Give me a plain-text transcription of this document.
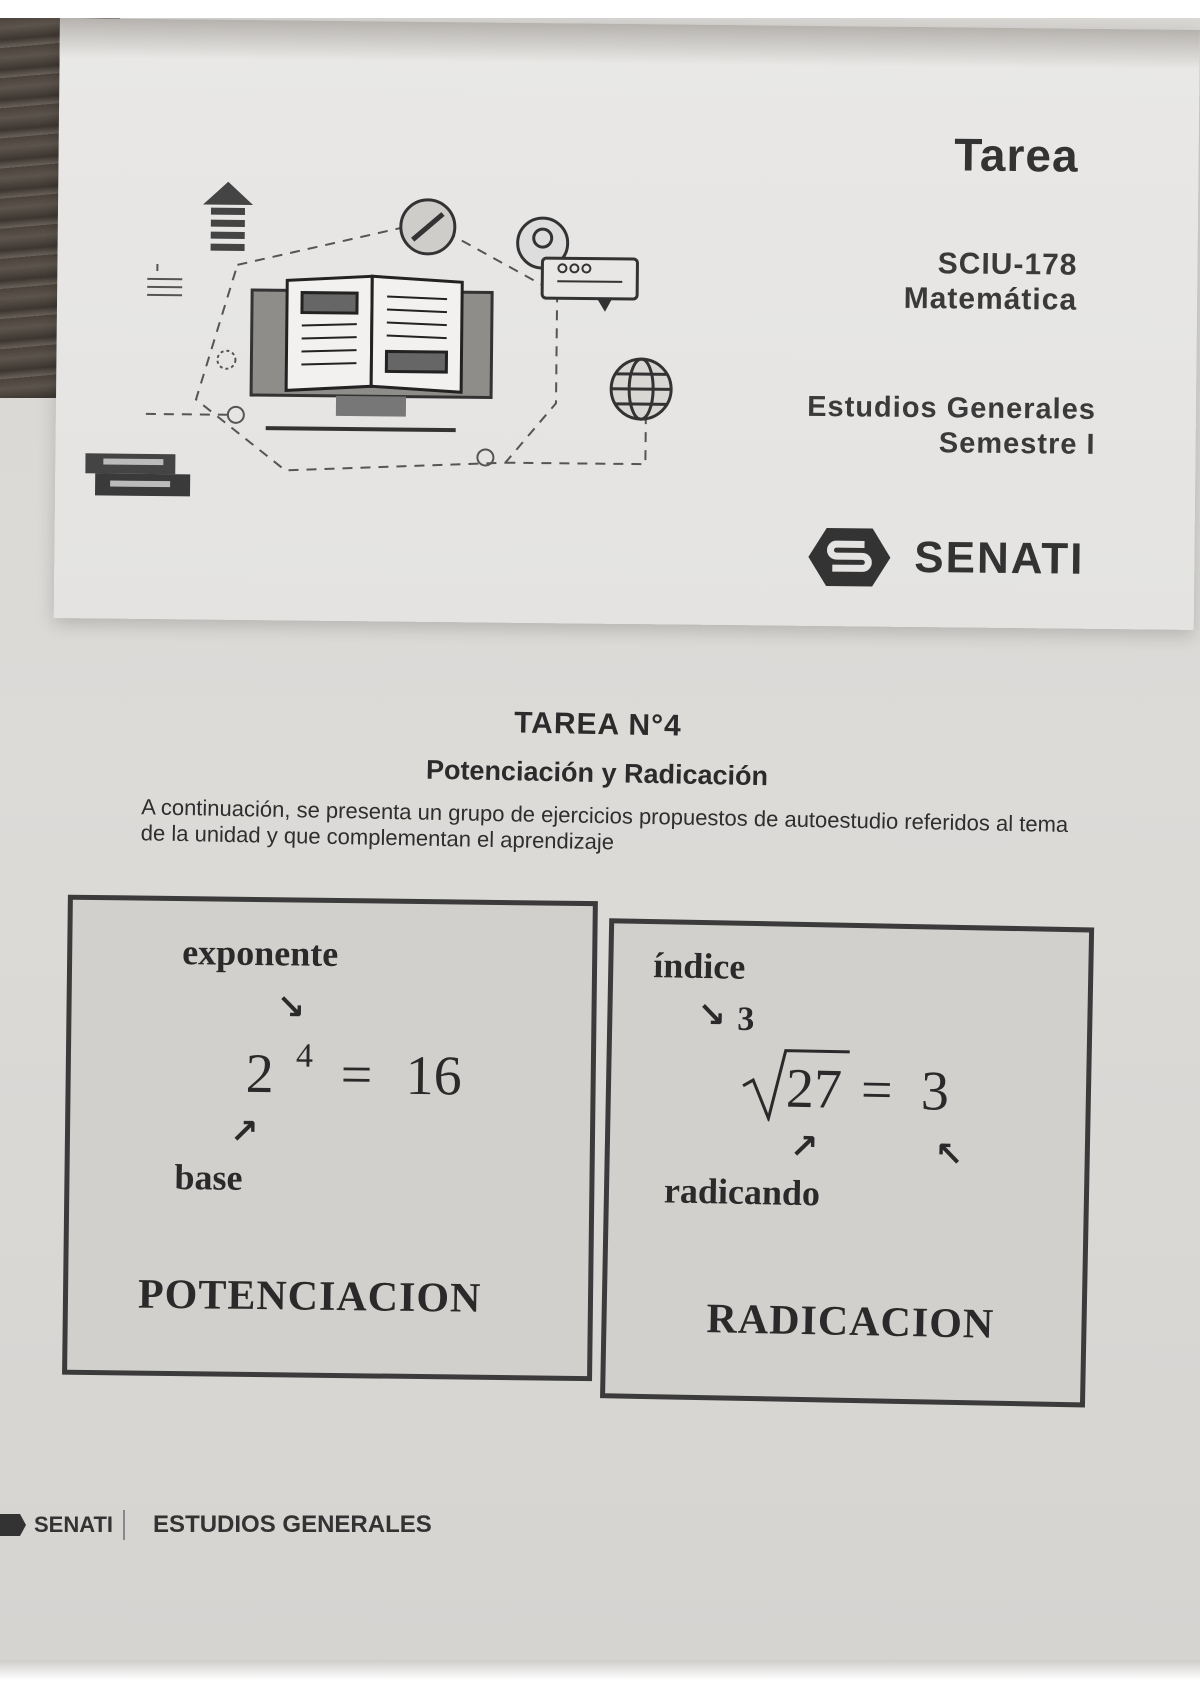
Tarea
SCIU-178
Matemática
Estudios Generales
Semestre I
SENATI
TAREA N°4
Potenciación y Radicación
A continuación, se presenta un grupo de ejercicios propuestos de autoestudio referidos al tema de la unidad y que complementan el aprendizaje
exponente
↘
2 4 = 16
↗
base
POTENCIACION
índice
↘ 3
27 = 3
↗	↖
radicando
RADICACION
SENATI ESTUDIOS GENERALES
